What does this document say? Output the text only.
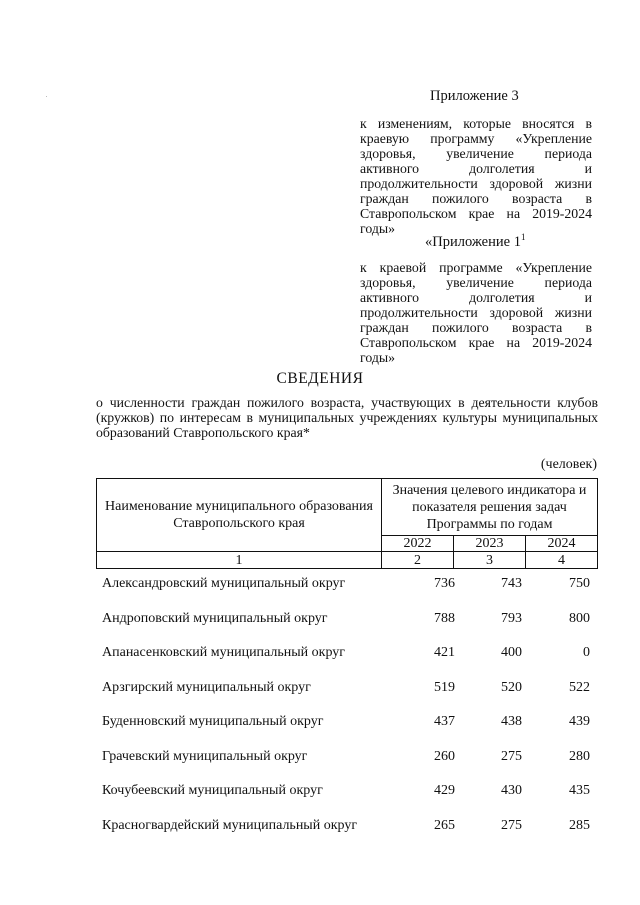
Приложение 3
к изменениям, которые вносятся в краевую программу «Укрепление здоровья, увеличение периода активного долголетия и продолжительности здоровой жизни граждан пожилого возраста в Ставропольском крае на 2019-2024 годы»
«Приложение $1^1$
к краевой программе «Укрепление здоровья, увеличение периода активного долголетия и продолжительности здоровой жизни граждан пожилого возраста в Ставропольском крае на 2019-2024 годы»
СВЕДЕНИЯ
о численности граждан пожилого возраста, участвующих в деятельности клубов (кружков) по интересам в муниципальных учреждениях культуры муниципальных образований Ставропольского края*
(человек)
Наименование муниципального образования Ставропольского края	Значения целевого индикатора и показателя решения задач Программы по годам		
	2022	2023	2024
1	2	3	4
Александровский муниципальный округ	736	743	750
Андроповский муниципальный округ	788	793	800
Апанасенковский муниципальный округ	421	400	0
Арзгирский муниципальный округ	519	520	522
Буденновский муниципальный округ	437	438	439
Грачевский муниципальный округ	260	275	280
Кочубеевский муниципальный округ	429	430	435
Красногвардейский муниципальный округ	265	275	285
